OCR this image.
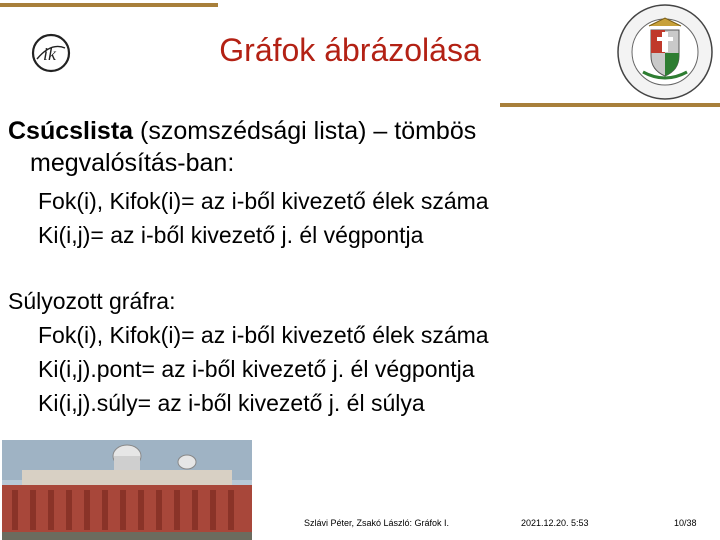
ik	Gráfok ábrázolása
Csúcslista (szomszédsági lista) – tömbös
megvalósítás-ban:
Fok(i), Kifok(i)= az i-ből kivezető élek száma
Ki(i,j)= az i-ből kivezető j. él végpontja
Súlyozott gráfra:
Fok(i), Kifok(i)= az i-ből kivezető élek száma
Ki(i,j).pont= az i-ből kivezető j. él végpontja
Ki(i,j).súly= az i-ből kivezető j. él súlya
Szlávi Péter, Zsakó László: Gráfok I.	2021.12.20. 5:53	10/38
